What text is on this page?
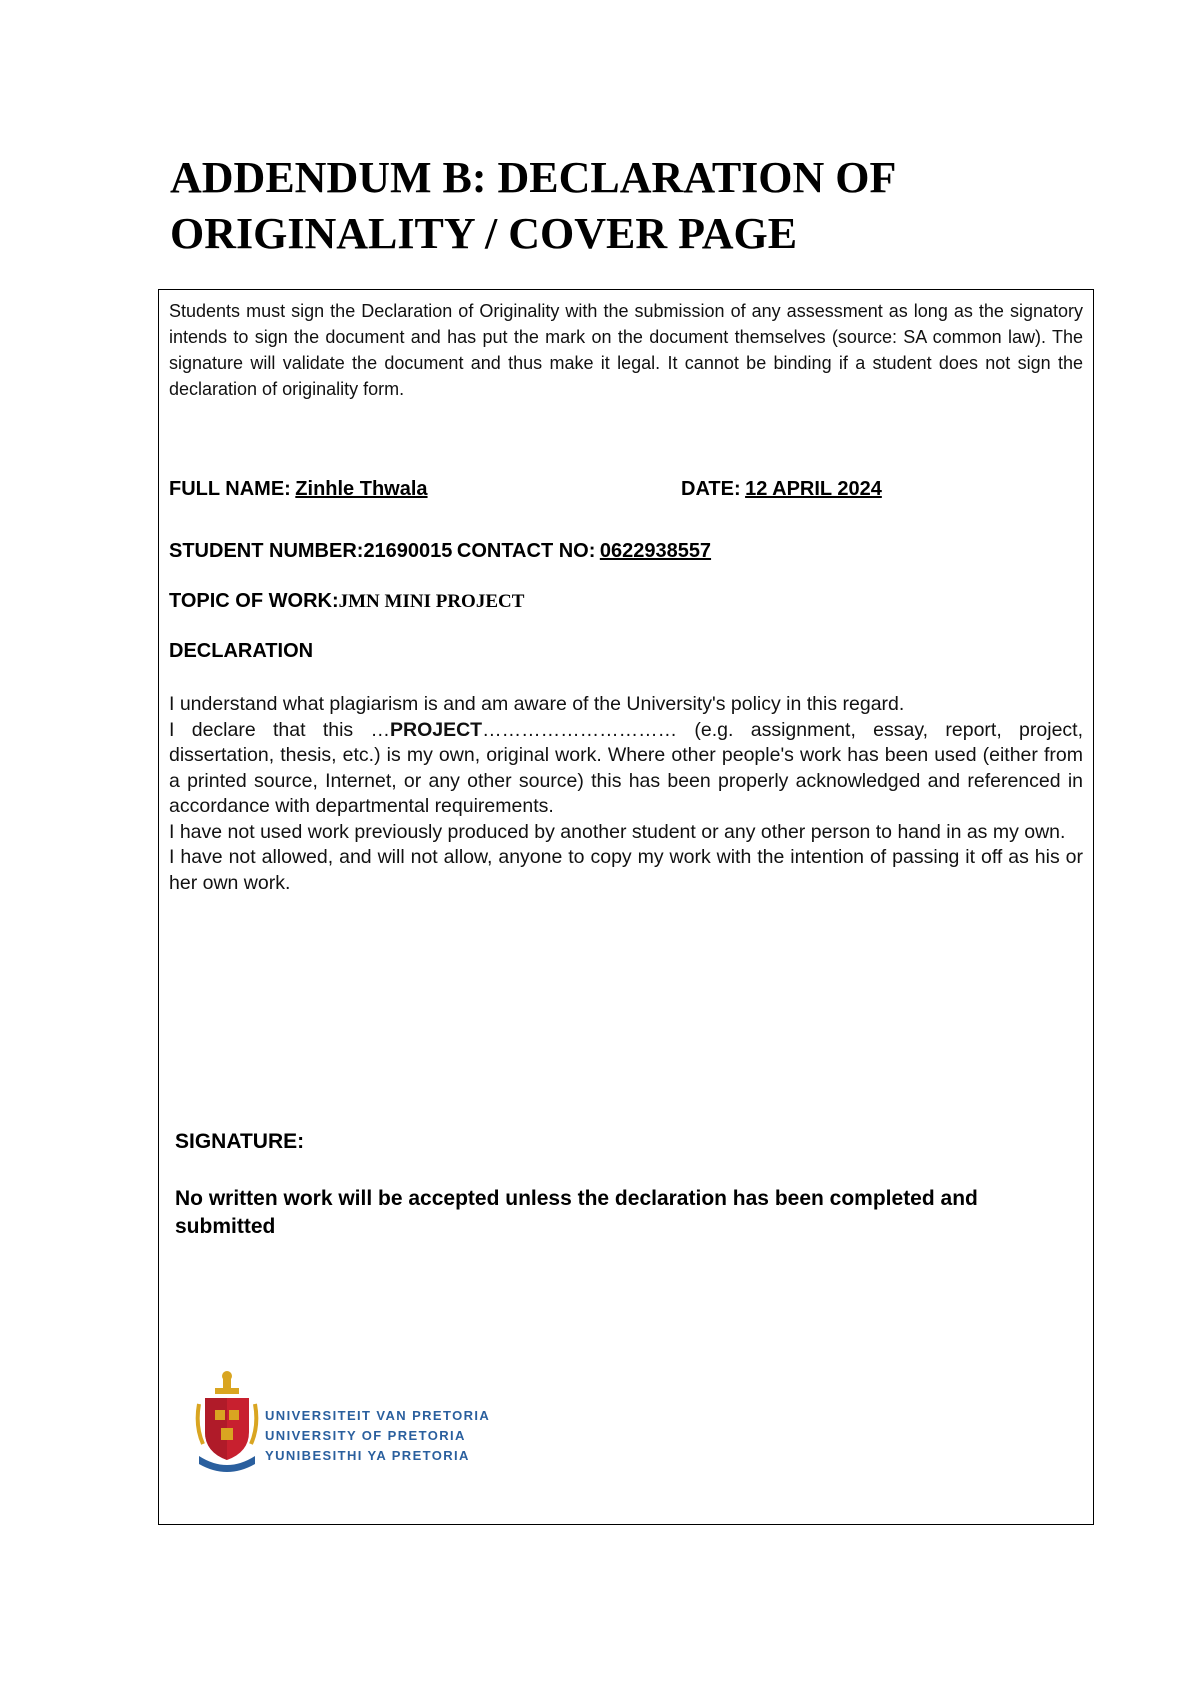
ADDENDUM B: DECLARATION OF ORIGINALITY / COVER PAGE

Students must sign the Declaration of Originality with the submission of any assessment as long as the signatory intends to sign the document and has put the mark on the document themselves (source: SA common law). The signature will validate the document and thus make it legal. It cannot be binding if a student does not sign the declaration of originality form.

FULL NAME: Zinhle Thwala	DATE: 12 APRIL 2024
STUDENT NUMBER:21690015 CONTACT NO: 0622938557
TOPIC OF WORK:JMN MINI PROJECT
DECLARATION

I understand what plagiarism is and am aware of the University's policy in this regard.

I declare that this …PROJECT………………………… (e.g. assignment, essay, report, project, dissertation, thesis, etc.) is my own, original work. Where other people's work has been used (either from a printed source, Internet, or any other source) this has been properly acknowledged and referenced in accordance with departmental requirements.

I have not used work previously produced by another student or any other person to hand in as my own.

I have not allowed, and will not allow, anyone to copy my work with the intention of passing it off as his or her own work.

SIGNATURE:

No written work will be accepted unless the declaration has been completed and submitted

UNIVERSITEIT VAN PRETORIA
UNIVERSITY OF PRETORIA
YUNIBESITHI YA PRETORIA
